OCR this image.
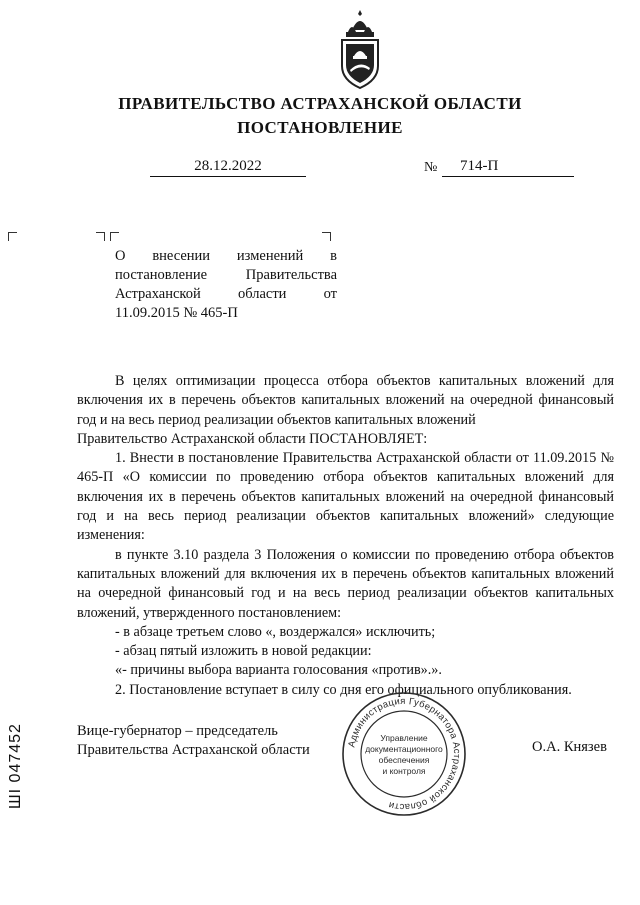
ПРАВИТЕЛЬСТВО АСТРАХАНСКОЙ ОБЛАСТИ
ПОСТАНОВЛЕНИЕ
28.12.2022	№	714-П
О внесении изменений в постановление Правительства Астраханской области от 11.09.2015 № 465-П

В целях оптимизации процесса отбора объектов капитальных вложений для включения их в перечень объектов капитальных вложений на очередной финансовый год и на весь период реализации объектов капитальных вложений

Правительство Астраханской области ПОСТАНОВЛЯЕТ:

1. Внести в постановление Правительства Астраханской области от 11.09.2015 № 465-П «О комиссии по проведению отбора объектов капитальных вложений для включения их в перечень объектов капитальных вложений на очередной финансовый год и на весь период реализации объектов капитальных вложений» следующие изменения:

в пункте 3.10 раздела 3 Положения о комиссии по проведению отбора объектов капитальных вложений для включения их в перечень объектов капитальных вложений на очередной финансовый год и на весь период реализации объектов капитальных вложений, утвержденного постановлением:

- в абзаце третьем слово «, воздержался» исключить;

- абзац пятый изложить в новой редакции:

«- причины выбора варианта голосования «против».».

2. Постановление вступает в силу со дня его официального опубликования.

Вице-губернатор – председатель
Правительства Астраханской области	О.А. Князев
Администрация Губернатора Астраханской области
Управление
документационного
обеспечения
и контроля
ШI 047452
